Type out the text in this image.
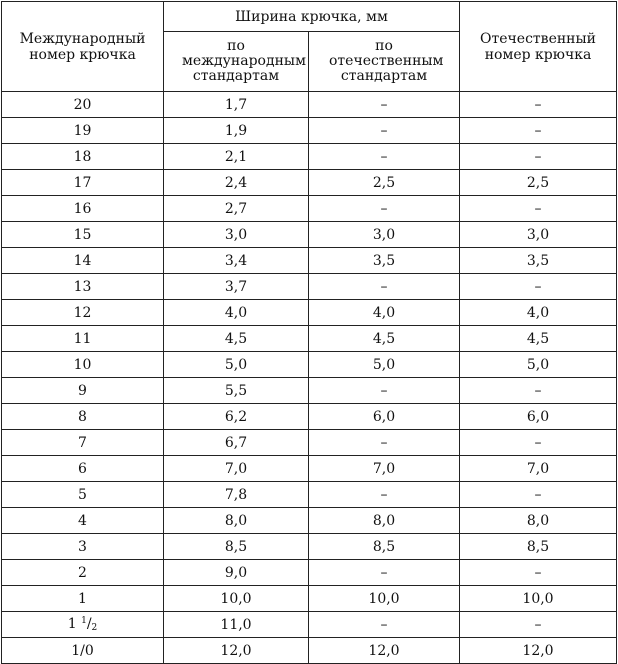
Международный номер крючка	Ширина крючка, мм		Отечественный номер крючка
	по международным стандартам	по отечественным стандартам	
20	1,7	–	–
19	1,9	–	–
18	2,1	–	–
17	2,4	2,5	2,5
16	2,7	–	–
15	3,0	3,0	3,0
14	3,4	3,5	3,5
13	3,7	–	–
12	4,0	4,0	4,0
11	4,5	4,5	4,5
10	5,0	5,0	5,0
9	5,5	–	–
8	6,2	6,0	6,0
7	6,7	–	–
6	7,0	7,0	7,0
5	7,8	–	–
4	8,0	8,0	8,0
3	8,5	8,5	8,5
2	9,0	–	–
1	10,0	10,0	10,0
1 $^1$/2	11,0	–	–
1/0	12,0	12,0	12,0
